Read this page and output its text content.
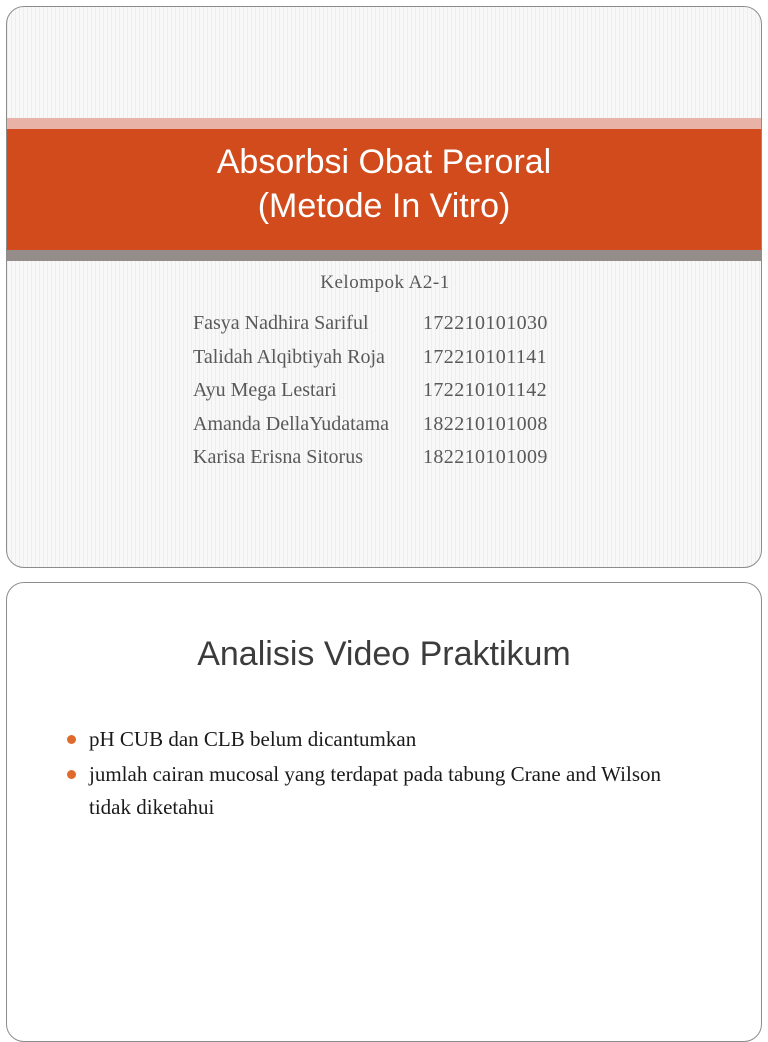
Absorbsi Obat Peroral
(Metode In Vitro)
Kelompok A2-1
Fasya Nadhira Sariful	172210101030
Talidah Alqibtiyah Roja	172210101141
Ayu Mega Lestari	172210101142
Amanda DellaYudatama	182210101008
Karisa Erisna Sitorus	182210101009
Analisis Video Praktikum
pH CUB dan CLB belum dicantumkan
jumlah cairan mucosal yang terdapat pada tabung Crane and Wilson tidak diketahui
